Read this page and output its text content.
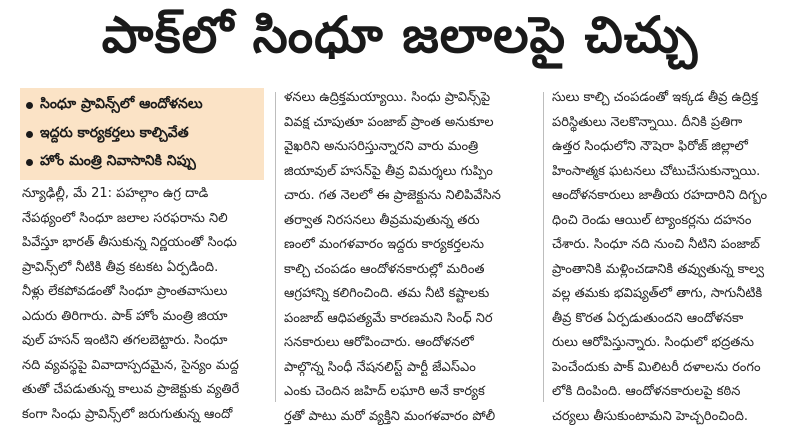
పాక్‌లో సింధూ జలాలపై చిచ్చు
సింధూ ప్రావిన్స్‌లో ఆందోళనలు
ఇద్దరు కార్యకర్తలు కాల్చివేత
హోం మంత్రి నివాసానికి నిప్పు
న్యూఢిల్లీ, మే 21: పహల్గాం ఉగ్ర దాడి
నేపథ్యంలో సింధూ జలాల సరఫరాను నిలి
పివేస్తూ భారత్ తీసుకున్న నిర్ణయంతో సింధు
ప్రావిన్స్‌లో నీటికి తీవ్ర కటకట ఏర్పడింది.
నీళ్లు లేకపోవడంతో సింధూ ప్రాంతవాసులు
ఎదురు తిరిగారు. పాక్ హోం మంత్రి జియా
వుల్ హసన్ ఇంటిని తగలబెట్టారు. సింధూ
నది వ్యవస్థపై వివాదాస్పదమైన, సైన్యం మద్ద
తుతో చేపడుతున్న కాలువ ప్రాజెక్టుకు వ్యతిరే
కంగా సింధు ప్రావిన్స్‌లో జరుగుతున్న ఆందో
ళనలు ఉద్రిక్తమయ్యాయి. సింధు ప్రావిన్స్‌పై
వివక్ష చూపుతూ పంజాబ్ ప్రాంత అనుకూల
వైఖరిని అనుసరిస్తున్నారని వారు మంత్రి
జియావుల్ హసన్‌పై తీవ్ర విమర్శలు గుప్పిం
చారు. గత నెలలో ఈ ప్రాజెక్టును నిలిపివేసిన
తర్వాత నిరసనలు తీవ్రమవుతున్న తరు
ణంలో మంగళవారం ఇద్దరు కార్యకర్తలను
కాల్చి చంపడం ఆందోళనకారుల్లో మరింత
ఆగ్రహాన్ని కలిగించింది. తమ నీటి కష్టాలకు
పంజాబ్ ఆధిపత్యమే కారణమని సింధ్ నిర
సనకారులు ఆరోపించారు. ఆందోళనలో
పాల్గొన్న సింధీ నేషనలిస్ట్ పార్టీ జేఎస్ఎం
ఎంకు చెందిన జహిద్ లఘారి అనే కార్యక
ర్తతో పాటు మరో వ్యక్తిని మంగళవారం పోలీ
సులు కాల్చి చంపడంతో ఇక్కడ తీవ్ర ఉద్రిక్త
పరిస్థితులు నెలకొన్నాయి. దీనికి ప్రతిగా
ఉత్తర సింధులోని నౌషెరా ఫిరోజ్ జిల్లాలో
హింసాత్మక ఘటనలు చోటుచేసుకున్నాయి.
ఆందోళనకారులు జాతీయ రహదారిని దిగ్బం
ధించి రెండు ఆయిల్ ట్యాంకర్లను దహనం
చేశారు. సింధూ నది నుంచి నీటిని పంజాబ్
ప్రాంతానికి మళ్లించడానికి తవ్వుతున్న కాల్వ
వల్ల తమకు భవిష్యత్‌లో తాగు, సాగునీటికి
తీవ్ర కొరత ఏర్పడుతుందని ఆందోళనకా
రులు ఆరోపిస్తున్నారు. సింధులో భద్రతను
పెంచేందుకు పాక్ మిలిటరీ దళాలను రంగం
లోకి దింపింది. ఆందోళనకారులపై కఠిన
చర్యలు తీసుకుంటామని హెచ్చరించింది.
